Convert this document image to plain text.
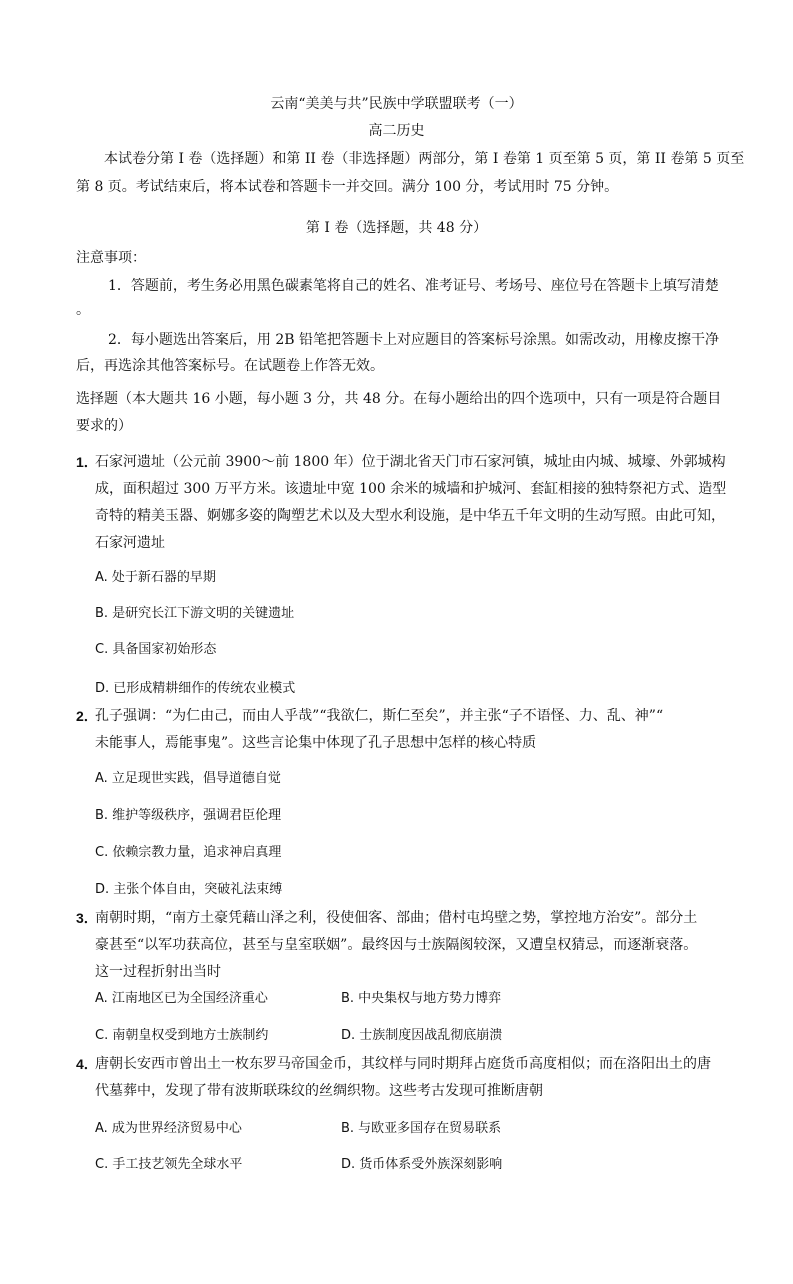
云南“美美与共”民族中学联盟联考（一）
高二历史
本试卷分第 I 卷（选择题）和第 II 卷（非选择题）两部分，第 I 卷第 1 页至第 5 页，第 II 卷第 5 页至
第 8 页。考试结束后，将本试卷和答题卡一并交回。满分 100 分，考试用时 75 分钟。
第 I 卷（选择题，共 48 分）
注意事项：
1．答题前，考生务必用黑色碳素笔将自己的姓名、准考证号、考场号、座位号在答题卡上填写清楚
。
2．每小题选出答案后，用 2B 铅笔把答题卡上对应题目的答案标号涂黑。如需改动，用橡皮擦干净
后，再选涂其他答案标号。在试题卷上作答无效。
选择题（本大题共 16 小题，每小题 3 分，共 48 分。在每小题给出的四个选项中，只有一项是符合题目
要求的）
1．
石家河遗址（公元前 3900～前 1800 年）位于湖北省天门市石家河镇，城址由内城、城壕、外郭城构
成，面积超过 300 万平方米。该遗址中宽 100 余米的城墙和护城河、套缸相接的独特祭祀方式、造型
奇特的精美玉器、婀娜多姿的陶塑艺术以及大型水利设施，是中华五千年文明的生动写照。由此可知，
石家河遗址
A. 处于新石器的早期
B. 是研究长江下游文明的关键遗址
C. 具备国家初始形态
D. 已形成精耕细作的传统农业模式
2．
孔子强调：“为仁由己，而由人乎哉”“我欲仁，斯仁至矣”，并主张“子不语怪、力、乱、神”“
未能事人，焉能事鬼”。这些言论集中体现了孔子思想中怎样的核心特质
A. 立足现世实践，倡导道德自觉
B. 维护等级秩序，强调君臣伦理
C. 依赖宗教力量，追求神启真理
D. 主张个体自由，突破礼法束缚
3．
南朝时期，“南方土豪凭藉山泽之利，役使佃客、部曲；借村屯坞壁之势，掌控地方治安”。部分土
豪甚至“以军功获高位，甚至与皇室联姻”。最终因与士族隔阂较深，又遭皇权猜忌，而逐渐衰落。
这一过程折射出当时
A. 江南地区已为全国经济重心	B. 中央集权与地方势力博弈
C. 南朝皇权受到地方士族制约	D. 士族制度因战乱彻底崩溃
4．
唐朝长安西市曾出土一枚东罗马帝国金币，其纹样与同时期拜占庭货币高度相似；而在洛阳出土的唐
代墓葬中，发现了带有波斯联珠纹的丝绸织物。这些考古发现可推断唐朝
A. 成为世界经济贸易中心	B. 与欧亚多国存在贸易联系
C. 手工技艺领先全球水平	D. 货币体系受外族深刻影响
